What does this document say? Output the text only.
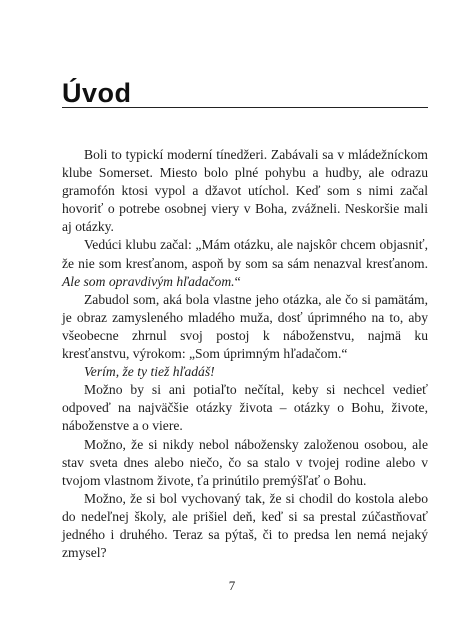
Úvod

Boli to typickí moderní tínedžeri. Zabávali sa v mládežníckom klube Somerset. Miesto bolo plné pohybu a hudby, ale odrazu gramofón ktosi vypol a džavot utíchol. Keď som s nimi začal hovoriť o potrebe osobnej viery v Boha, zvážneli. Neskoršie mali aj otázky.

Vedúci klubu začal: „Mám otázku, ale najskôr chcem objasniť, že nie som kresťanom, aspoň by som sa sám nenazval kresťanom. Ale som opravdivým hľadačom.“

Zabudol som, aká bola vlastne jeho otázka, ale čo si pamätám, je obraz zamysleného mladého muža, dosť úprimného na to, aby všeobecne zhrnul svoj postoj k náboženstvu, najmä ku kresťanstvu, výrokom: „Som úprimným hľadačom.“

Verím, že ty tiež hľadáš!

Možno by si ani potiaľto nečítal, keby si nechcel vedieť odpoveď na najväčšie otázky života – otázky o Bohu, živote, náboženstve a o viere.

Možno, že si nikdy nebol nábožensky založenou osobou, ale stav sveta dnes alebo niečo, čo sa stalo v tvojej rodine alebo v tvojom vlastnom živote, ťa prinútilo premýšľať o Bohu.

Možno, že si bol vychovaný tak, že si chodil do kostola alebo do nedeľnej školy, ale prišiel deň, keď si sa prestal zúčastňovať jedného i druhého. Teraz sa pýtaš, či to predsa len nemá nejaký zmysel?

7
